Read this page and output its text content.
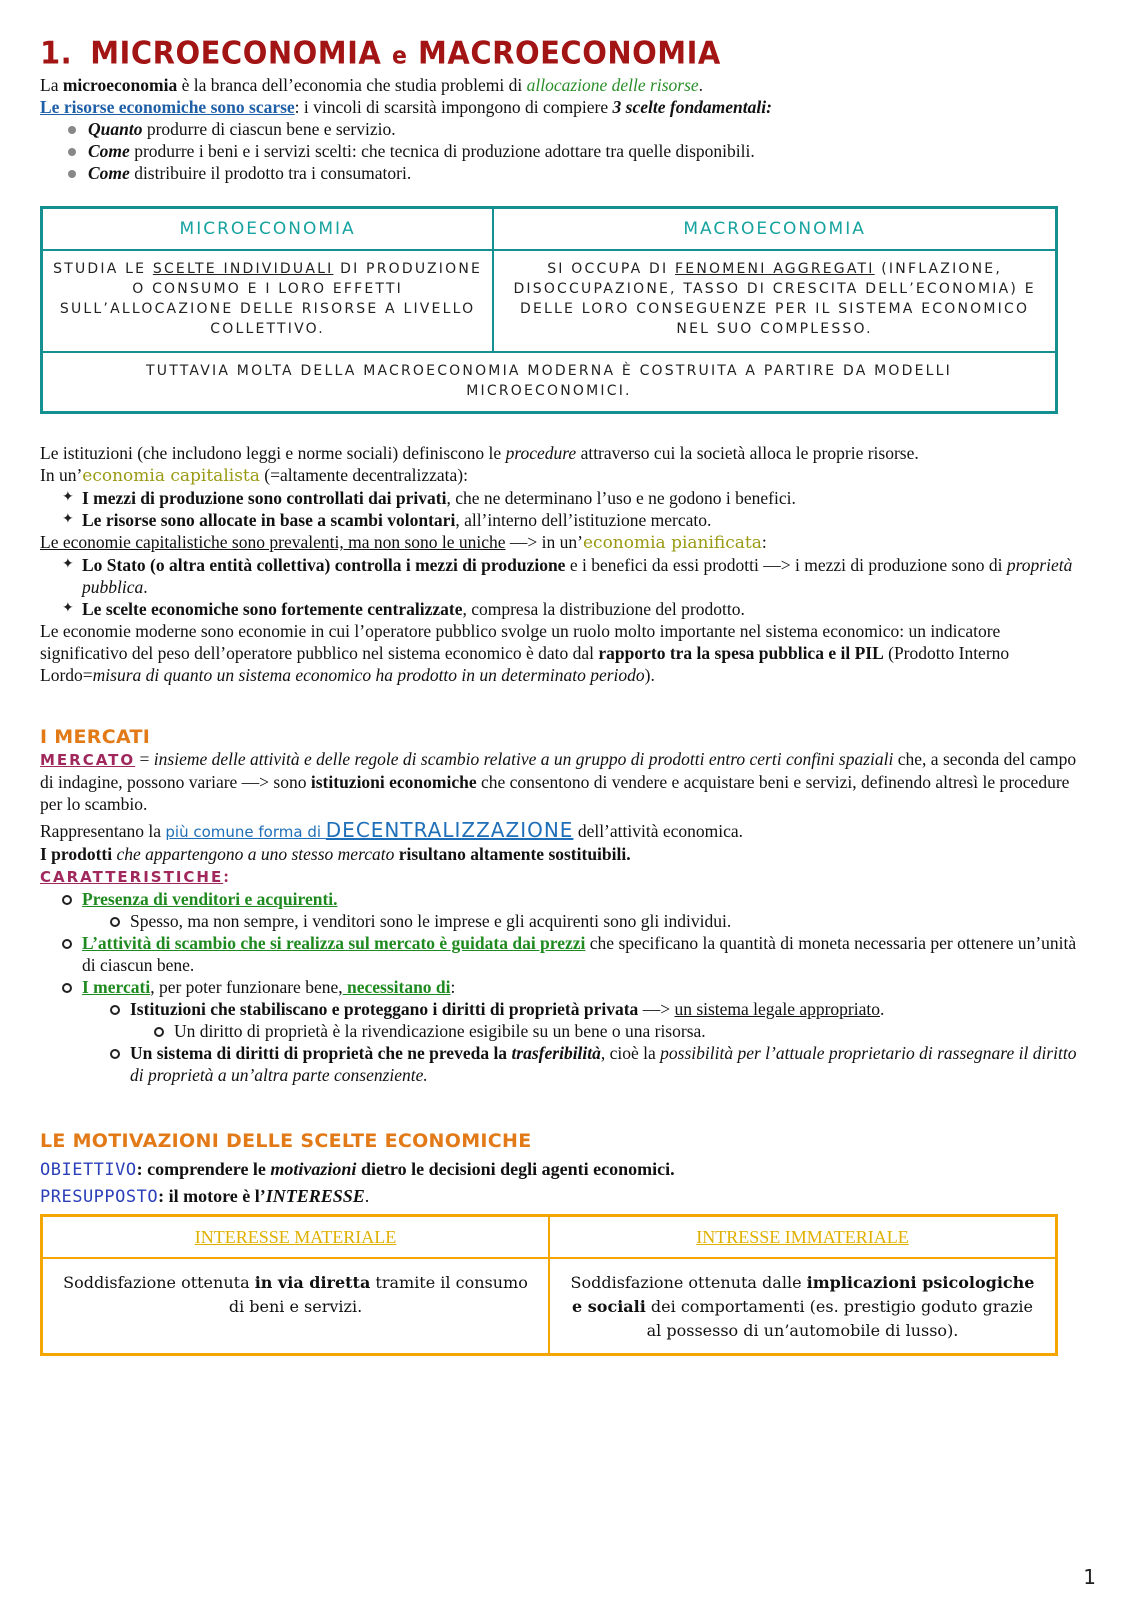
1. MICROECONOMIA e MACROECONOMIA

La microeconomia è la branca dell’economia che studia problemi di allocazione delle risorse.

Le risorse economiche sono scarse: i vincoli di scarsità impongono di compiere 3 scelte fondamentali:

Quanto produrre di ciascun bene e servizio.
Come produrre i beni e i servizi scelti: che tecnica di produzione adottare tra quelle disponibili.
Come distribuire il prodotto tra i consumatori.
MICROECONOMIA	MACROECONOMIA
STUDIA LE SCELTE INDIVIDUALI DI PRODUZIONE O CONSUMO E I LORO EFFETTI SULL’ALLOCAZIONE DELLE RISORSE A LIVELLO COLLETTIVO.	SI OCCUPA DI FENOMENI AGGREGATI (INFLAZIONE, DISOCCUPAZIONE, TASSO DI CRESCITA DELL’ECONOMIA) E DELLE LORO CONSEGUENZE PER IL SISTEMA ECONOMICO NEL SUO COMPLESSO.
TUTTAVIA MOLTA DELLA MACROECONOMIA MODERNA È COSTRUITA A PARTIRE DA MODELLI MICROECONOMICI.	

Le istituzioni (che includono leggi e norme sociali) definiscono le procedure attraverso cui la società alloca le proprie risorse.

In un’economia capitalista (=altamente decentralizzata):

✦ I mezzi di produzione sono controllati dai privati, che ne determinano l’uso e ne godono i benefici.
✦ Le risorse sono allocate in base a scambi volontari, all’interno dell’istituzione mercato.

Le economie capitalistiche sono prevalenti, ma non sono le uniche —> in un’economia pianificata:

✦ Lo Stato (o altra entità collettiva) controlla i mezzi di produzione e i benefici da essi prodotti —> i mezzi di produzione sono di proprietà pubblica.
✦ Le scelte economiche sono fortemente centralizzate, compresa la distribuzione del prodotto.

Le economie moderne sono economie in cui l’operatore pubblico svolge un ruolo molto importante nel sistema economico: un indicatore significativo del peso dell’operatore pubblico nel sistema economico è dato dal rapporto tra la spesa pubblica e il PIL (Prodotto Interno Lordo=misura di quanto un sistema economico ha prodotto in un determinato periodo).

I MERCATI

MERCATO = insieme delle attività e delle regole di scambio relative a un gruppo di prodotti entro certi confini spaziali che, a seconda del campo di indagine, possono variare —> sono istituzioni economiche che consentono di vendere e acquistare beni e servizi, definendo altresì le procedure per lo scambio.

Rappresentano la più comune forma di DECENTRALIZZAZIONE dell’attività economica.

I prodotti che appartengono a uno stesso mercato risultano altamente sostituibili.

CARATTERISTICHE:

Presenza di venditori e acquirenti.
Spesso, ma non sempre, i venditori sono le imprese e gli acquirenti sono gli individui.
L’attività di scambio che si realizza sul mercato è guidata dai prezzi che specificano la quantità di moneta necessaria per ottenere un’unità di ciascun bene.
I mercati, per poter funzionare bene, necessitano di:
Istituzioni che stabiliscano e proteggano i diritti di proprietà privata —> un sistema legale appropriato.
Un diritto di proprietà è la rivendicazione esigibile su un bene o una risorsa.
Un sistema di diritti di proprietà che ne preveda la trasferibilità, cioè la possibilità per l’attuale proprietario di rassegnare il diritto di proprietà a un’altra parte consenziente.
LE MOTIVAZIONI DELLE SCELTE ECONOMICHE

OBIETTIVO: comprendere le motivazioni dietro le decisioni degli agenti economici.

PRESUPPOSTO: il motore è l’INTERESSE.

INTERESSE MATERIALE	INTRESSE IMMATERIALE
Soddisfazione ottenuta in via diretta tramite il consumo di beni e servizi.	Soddisfazione ottenuta dalle implicazioni psicologiche e sociali dei comportamenti (es. prestigio goduto grazie al possesso di un’automobile di lusso).
1
